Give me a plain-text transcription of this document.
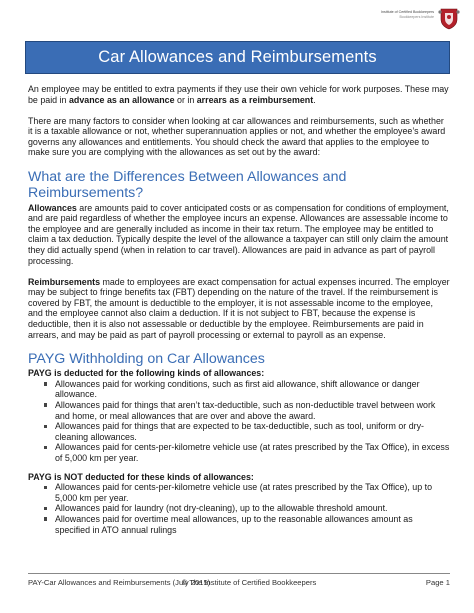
Institute of Certified Bookkeepers
Bookkeepers Institute
Car Allowances and Reimbursements

An employee may be entitled to extra payments if they use their own vehicle for work purposes. These may be paid in advance as an allowance or in arrears as a reimbursement.

There are many factors to consider when looking at car allowances and reimbursements, such as whether it is a taxable allowance or not, whether superannuation applies or not, and whether the employee’s award governs any allowances and entitlements. You should check the award that applies to the employee to make sure you are complying with the allowances as set out by the award:

What are the Differences Between Allowances and Reimbursements?

Allowances are amounts paid to cover anticipated costs or as compensation for conditions of employment, and are paid regardless of whether the employee incurs an expense. Allowances are assessable income to the employee and are generally included as income in their tax return. The employee may be entitled to claim a tax deduction. Typically despite the level of the allowance a taxpayer can still only claim the amount they did actually spend (when in relation to car travel). Allowances are paid in advance as part of payroll processing.

Reimbursements made to employees are exact compensation for actual expenses incurred. The employer may be subject to fringe benefits tax (FBT) depending on the nature of the travel. If the reimbursement is covered by FBT, the amount is deductible to the employer, it is not assessable income to the employee, and the employee cannot also claim a deduction. If it is not subject to FBT, because the expense is deductible, then it is also not assessable or deductible by the employee. Reimbursements are paid in arrears, and may be paid as part of payroll processing or external to payroll as an expense.

PAYG Withholding on Car Allowances
PAYG is deducted for the following kinds of allowances:
Allowances paid for working conditions, such as first aid allowance, shift allowance or danger allowance.
Allowances paid for things that aren’t tax-deductible, such as non-deductible travel between work and home, or meal allowances that are over and above the award.
Allowances paid for things that are expected to be tax-deductible, such as tool, uniform or dry-cleaning allowances.
Allowances paid for cents-per-kilometre vehicle use (at rates prescribed by the Tax Office), in excess of 5,000 km per year.
PAYG is NOT deducted for these kinds of allowances:
Allowances paid for cents-per-kilometre vehicle use (at rates prescribed by the Tax Office), up to 5,000 km per year.
Allowances paid for laundry (not dry-cleaning), up to the allowable threshold amount.
Allowances paid for overtime meal allowances, up to the reasonable allowances amount as specified in ATO annual rulings
PAY-Car Allowances and Reimbursements (July 2015)
© The Institute of Certified Bookkeepers	Page 1
